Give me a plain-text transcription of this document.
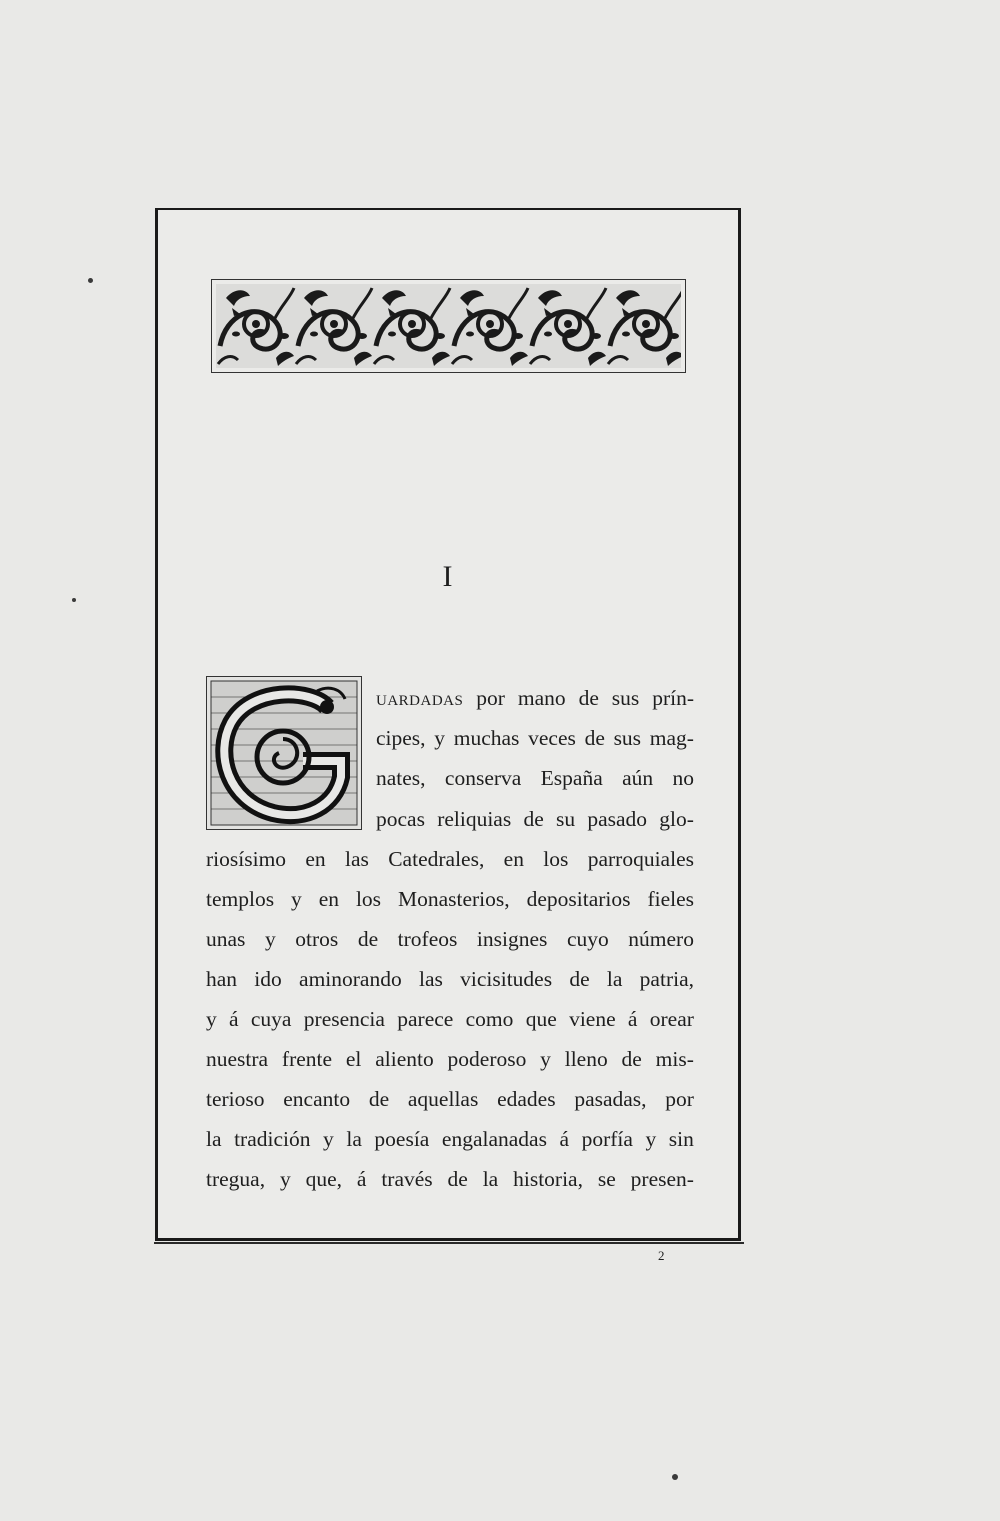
I
uardadas por mano de sus prín-
cipes, y muchas veces de sus mag-
nates, conserva España aún no
pocas reliquias de su pasado glo-
riosísimo en las Catedrales, en los parroquiales
templos y en los Monasterios, depositarios fieles
unas y otros de trofeos insignes cuyo número
han ido aminorando las vicisitudes de la patria,
y á cuya presencia parece como que viene á orear
nuestra frente el aliento poderoso y lleno de mis-
terioso encanto de aquellas edades pasadas, por
la tradición y la poesía engalanadas á porfía y sin
tregua, y que, á través de la historia, se presen-
2
